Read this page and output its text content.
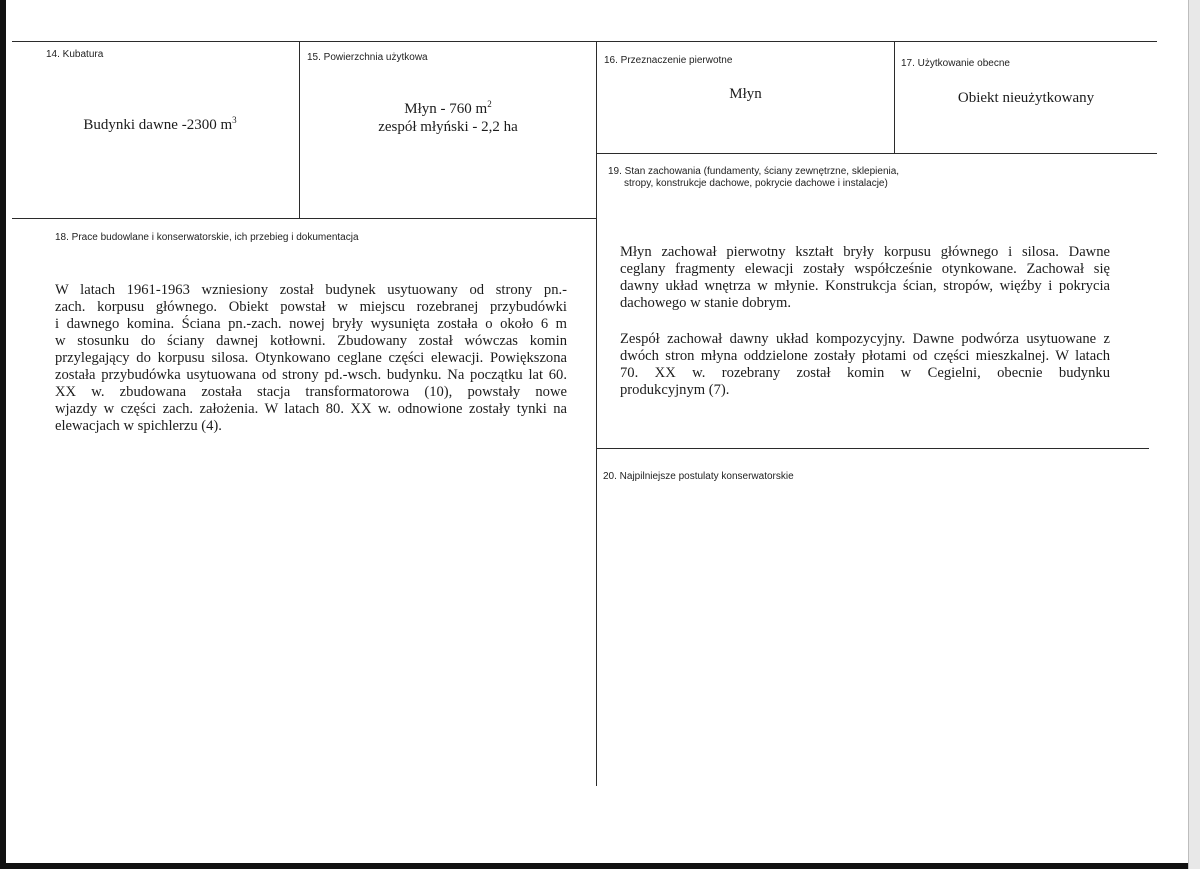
14. Kubatura
Budynki dawne -2300 $m^3$
15. Powierzchnia użytkowa
Młyn - 760 $m^2$
zespół młyński - 2,2 ha
16. Przeznaczenie pierwotne
Młyn
17. Użytkowanie obecne
Obiekt nieużytkowany
18. Prace budowlane i konserwatorskie, ich przebieg i dokumentacja
W latach 1961-1963 wzniesiony został budynek usytuowany od strony pn.-
zach. korpusu głównego. Obiekt powstał w miejscu rozebranej przybudówki
i dawnego komina. Ściana pn.-zach. nowej bryły wysunięta została o około 6 m
w stosunku do ściany dawnej kotłowni. Zbudowany został wówczas komin
przylegający do korpusu silosa. Otynkowano ceglane części elewacji. Powiększona
została przybudówka usytuowana od strony pd.-wsch. budynku. Na początku lat 60.
XX w. zbudowana została stacja transformatorowa (10), powstały nowe
wjazdy w części zach. założenia. W latach 80. XX w. odnowione zostały tynki na
elewacjach w spichlerzu (4).
19. Stan zachowania (fundamenty, ściany zewnętrzne, sklepienia,
stropy, konstrukcje dachowe, pokrycie dachowe i instalacje)
Młyn zachował pierwotny kształt bryły korpusu głównego i silosa. Dawne
ceglany fragmenty elewacji zostały współcześnie otynkowane. Zachował się
dawny układ wnętrza w młynie. Konstrukcja ścian, stropów, więźby i pokrycia
dachowego w stanie dobrym.
Zespół zachował dawny układ kompozycyjny. Dawne podwórza usytuowane z
dwóch stron młyna oddzielone zostały płotami od części mieszkalnej. W latach
70. XX w. rozebrany został komin w Cegielni, obecnie budynku
produkcyjnym (7).
20. Najpilniejsze postulaty konserwatorskie
